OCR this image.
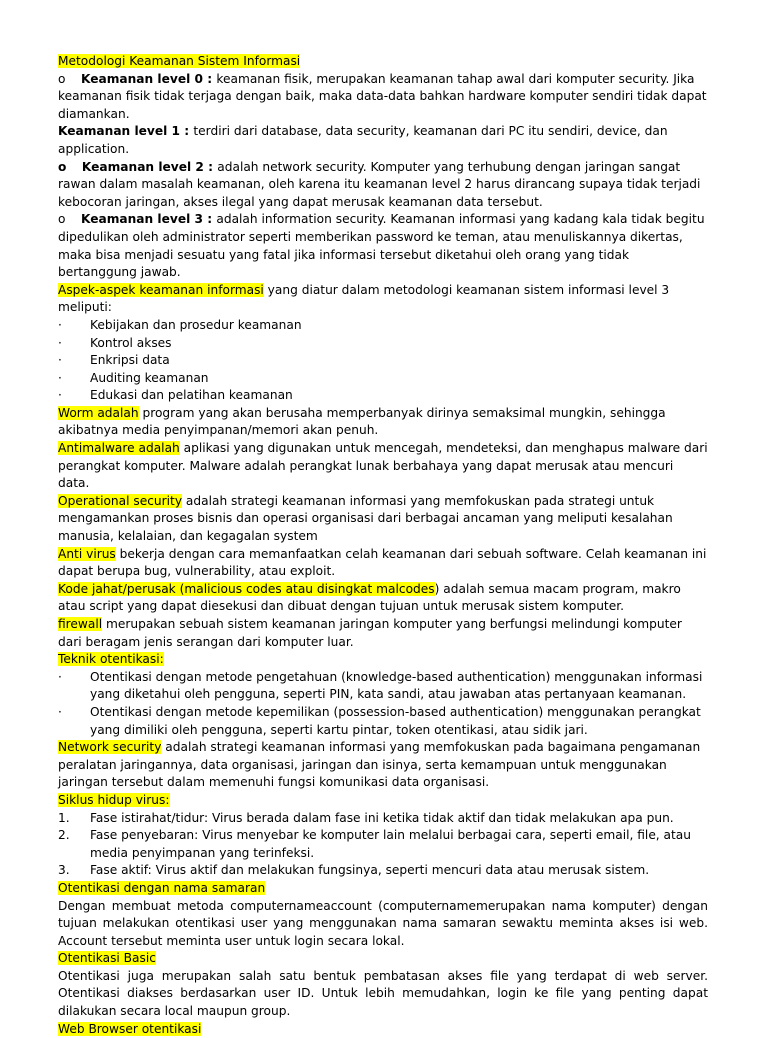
Metodologi Keamanan Sistem Informasi

o Keamanan level 0 : keamanan fisik, merupakan keamanan tahap awal dari komputer security. Jika keamanan fisik tidak terjaga dengan baik, maka data-data bahkan hardware komputer sendiri tidak dapat diamankan.

Keamanan level 1 : terdiri dari database, data security, keamanan dari PC itu sendiri, device, dan application.

o Keamanan level 2 : adalah network security. Komputer yang terhubung dengan jaringan sangat rawan dalam masalah keamanan, oleh karena itu keamanan level 2 harus dirancang supaya tidak terjadi kebocoran jaringan, akses ilegal yang dapat merusak keamanan data tersebut.

o Keamanan level 3 : adalah information security. Keamanan informasi yang kadang kala tidak begitu dipedulikan oleh administrator seperti memberikan password ke teman, atau menuliskannya dikertas, maka bisa menjadi sesuatu yang fatal jika informasi tersebut diketahui oleh orang yang tidak bertanggung jawab.

Aspek-aspek keamanan informasi yang diatur dalam metodologi keamanan sistem informasi level 3 meliputi:

·	Kebijakan dan prosedur keamanan
·	Kontrol akses
·	Enkripsi data
·	Auditing keamanan
·	Edukasi dan pelatihan keamanan

Worm adalah program yang akan berusaha memperbanyak dirinya semaksimal mungkin, sehingga akibatnya media penyimpanan/memori akan penuh.

Antimalware adalah aplikasi yang digunakan untuk mencegah, mendeteksi, dan menghapus malware dari perangkat komputer. Malware adalah perangkat lunak berbahaya yang dapat merusak atau mencuri data.

Operational security adalah strategi keamanan informasi yang memfokuskan pada strategi untuk mengamankan proses bisnis dan operasi organisasi dari berbagai ancaman yang meliputi kesalahan manusia, kelalaian, dan kegagalan system

Anti virus bekerja dengan cara memanfaatkan celah keamanan dari sebuah software. Celah keamanan ini dapat berupa bug, vulnerability, atau exploit.

Kode jahat/perusak (malicious codes atau disingkat malcodes) adalah semua macam program, makro atau script yang dapat diesekusi dan dibuat dengan tujuan untuk merusak sistem komputer.

firewall merupakan sebuah sistem keamanan jaringan komputer yang berfungsi melindungi komputer dari beragam jenis serangan dari komputer luar.

Teknik otentikasi:

·	Otentikasi dengan metode pengetahuan (knowledge-based authentication) menggunakan informasi yang diketahui oleh pengguna, seperti PIN, kata sandi, atau jawaban atas pertanyaan keamanan.
·	Otentikasi dengan metode kepemilikan (possession-based authentication) menggunakan perangkat yang dimiliki oleh pengguna, seperti kartu pintar, token otentikasi, atau sidik jari.

Network security adalah strategi keamanan informasi yang memfokuskan pada bagaimana pengamanan peralatan jaringannya, data organisasi, jaringan dan isinya, serta kemampuan untuk menggunakan jaringan tersebut dalam memenuhi fungsi komunikasi data organisasi.

Siklus hidup virus:

1.	Fase istirahat/tidur: Virus berada dalam fase ini ketika tidak aktif dan tidak melakukan apa pun.
2.	Fase penyebaran: Virus menyebar ke komputer lain melalui berbagai cara, seperti email, file, atau media penyimpanan yang terinfeksi.
3.	Fase aktif: Virus aktif dan melakukan fungsinya, seperti mencuri data atau merusak sistem.

Otentikasi dengan nama samaran

Dengan membuat metoda computernameaccount (computernamemerupakan nama komputer) dengan tujuan melakukan otentikasi user yang menggunakan nama samaran sewaktu meminta akses isi web. Account tersebut meminta user untuk login secara lokal.

Otentikasi Basic

Otentikasi juga merupakan salah satu bentuk pembatasan akses file yang terdapat di web server. Otentikasi diakses berdasarkan user ID. Untuk lebih memudahkan, login ke file yang penting dapat dilakukan secara local maupun group.

Web Browser otentikasi
